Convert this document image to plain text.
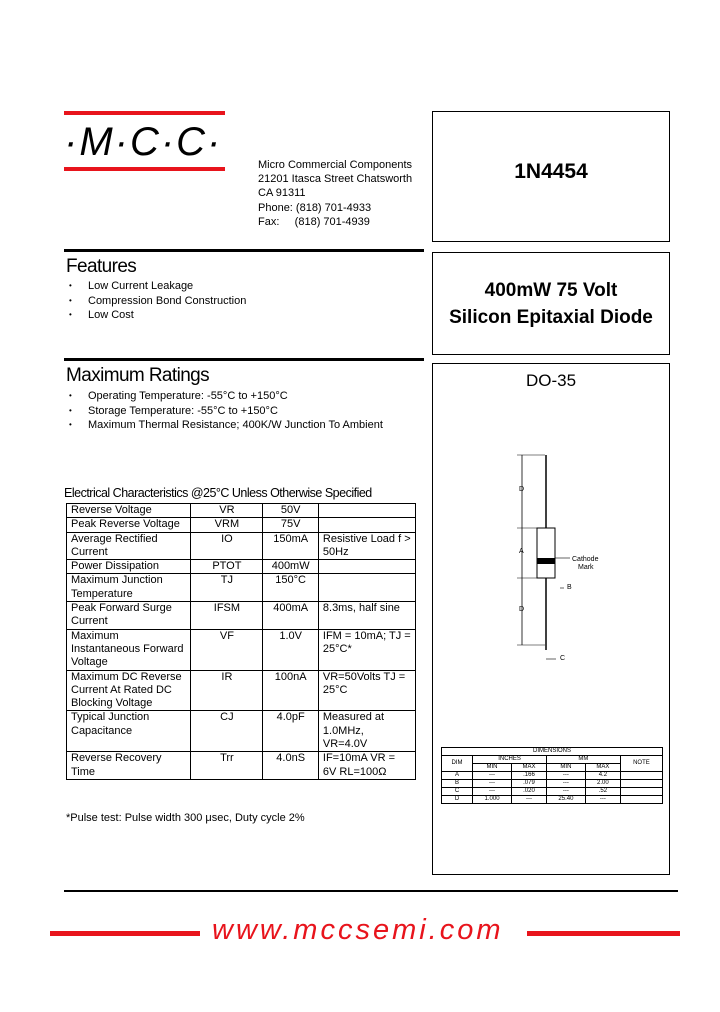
·M·C·C·
Micro Commercial Components
21201 Itasca Street Chatsworth
CA 91311
Phone: (818) 701-4933
Fax:     (818) 701-4939
1N4454
400mW 75 Volt
Silicon Epitaxial Diode
DO-35
D
A
D
B
C
Cathode
Mark
DIMENSIONS					
DIM	INCHES		MM		NOTE
	MIN	MAX	MIN	MAX	
A	---	.166	---	4.2	
B	---	.079	---	2.00	
C	---	.020	---	.52	
D	1.000	---	25.40	---	
Features
• Low Current Leakage
• Compression Bond Construction
• Low Cost
Maximum Ratings
• Operating Temperature: -55°C to +150°C
• Storage Temperature: -55°C to +150°C
• Maximum Thermal Resistance; 400K/W Junction To Ambient
Electrical Characteristics @25°C Unless Otherwise Specified
Reverse Voltage	VR	50V	
Peak Reverse Voltage	VRM	75V	
Average Rectified Current	IO	150mA	Resistive Load f > 50Hz
Power Dissipation	PTOT	400mW	
Maximum Junction Temperature	TJ	150°C	
Peak Forward Surge Current	IFSM	400mA	8.3ms, half sine
Maximum Instantaneous Forward Voltage	VF	1.0V	IFM = 10mA; TJ = 25°C*
Maximum DC Reverse Current At Rated DC Blocking Voltage	IR	100nA	VR=50Volts TJ = 25°C
Typical Junction Capacitance	CJ	4.0pF	Measured at 1.0MHz, VR=4.0V
Reverse Recovery Time	Trr	4.0nS	IF=10mA VR = 6V RL=100Ω
*Pulse test: Pulse width 300 μsec, Duty cycle 2%
www.mccsemi.com
